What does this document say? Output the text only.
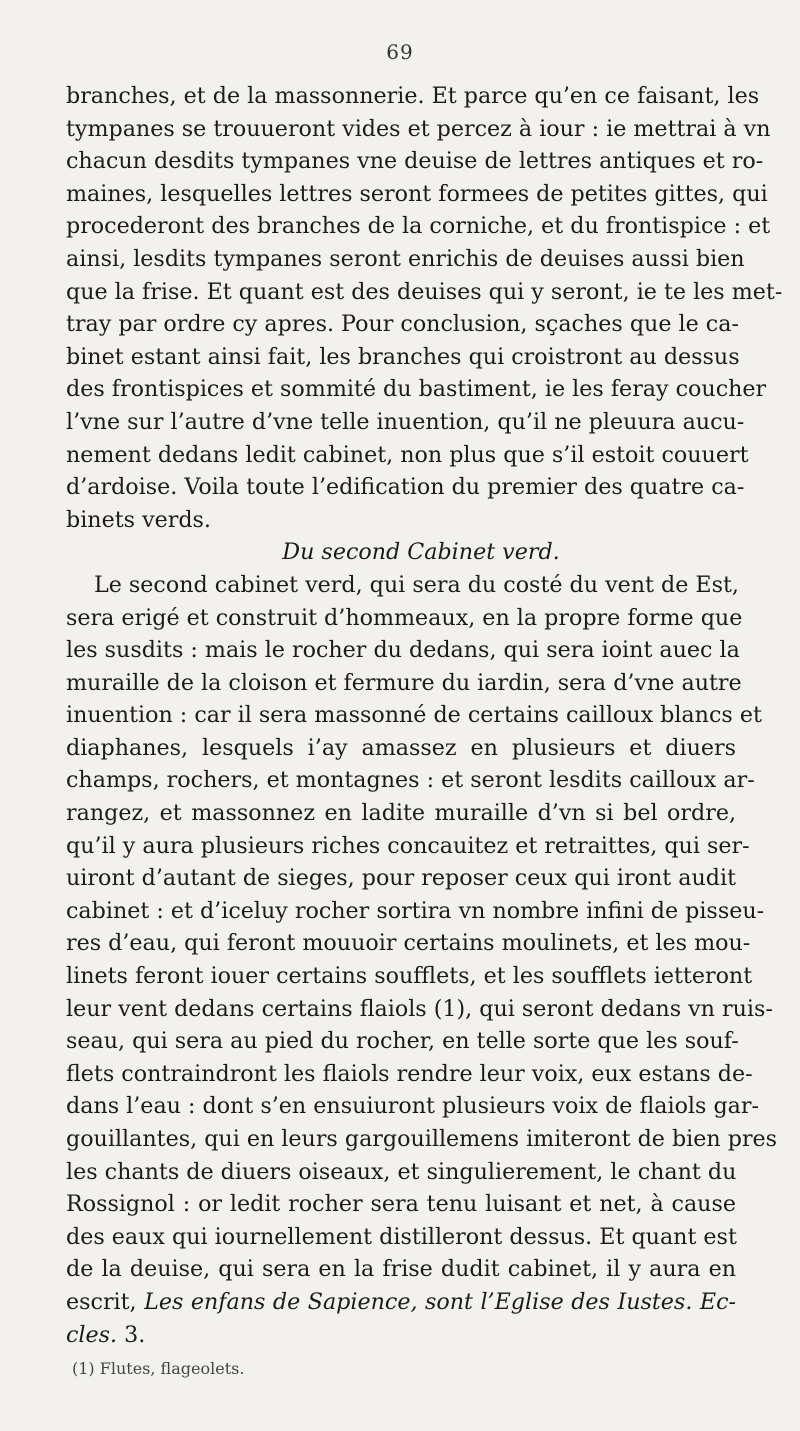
69
branches, et de la massonnerie. Et parce qu’en ce faisant, les
tympanes se trouueront vides et percez à iour : ie mettrai à vn
chacun desdits tympanes vne deuise de lettres antiques et ro-
maines, lesquelles lettres seront formees de petites gittes, qui
procederont des branches de la corniche, et du frontispice : et
ainsi, lesdits tympanes seront enrichis de deuises aussi bien
que la frise. Et quant est des deuises qui y seront, ie te les met-
tray par ordre cy apres. Pour conclusion, sçaches que le ca-
binet estant ainsi fait, les branches qui croistront au dessus
des frontispices et sommité du bastiment, ie les feray coucher
l’vne sur l’autre d’vne telle inuention, qu’il ne pleuura aucu-
nement dedans ledit cabinet, non plus que s’il estoit couuert
d’ardoise. Voila toute l’edification du premier des quatre ca-
binets verds.
Du second Cabinet verd.
Le second cabinet verd, qui sera du costé du vent de Est,
sera erigé et construit d’hommeaux, en la propre forme que
les susdits : mais le rocher du dedans, qui sera ioint auec la
muraille de la cloison et fermure du iardin, sera d’vne autre
inuention : car il sera massonné de certains cailloux blancs et
diaphanes, lesquels i’ay amassez en plusieurs et diuers
champs, rochers, et montagnes : et seront lesdits cailloux ar-
rangez, et massonnez en ladite muraille d’vn si bel ordre,
qu’il y aura plusieurs riches concauitez et retraittes, qui ser-
uiront d’autant de sieges, pour reposer ceux qui iront audit
cabinet : et d’iceluy rocher sortira vn nombre infini de pisseu-
res d’eau, qui feront mouuoir certains moulinets, et les mou-
linets feront iouer certains soufflets, et les soufflets ietteront
leur vent dedans certains flaiols (1), qui seront dedans vn ruis-
seau, qui sera au pied du rocher, en telle sorte que les souf-
flets contraindront les flaiols rendre leur voix, eux estans de-
dans l’eau : dont s’en ensuiuront plusieurs voix de flaiols gar-
gouillantes, qui en leurs gargouillemens imiteront de bien pres
les chants de diuers oiseaux, et singulierement, le chant du
Rossignol : or ledit rocher sera tenu luisant et net, à cause
des eaux qui iournellement distilleront dessus. Et quant est
de la deuise, qui sera en la frise dudit cabinet, il y aura en
escrit, Les enfans de Sapience, sont l’Eglise des Iustes. Ec-
cles. 3.
(1) Flutes, flageolets.
